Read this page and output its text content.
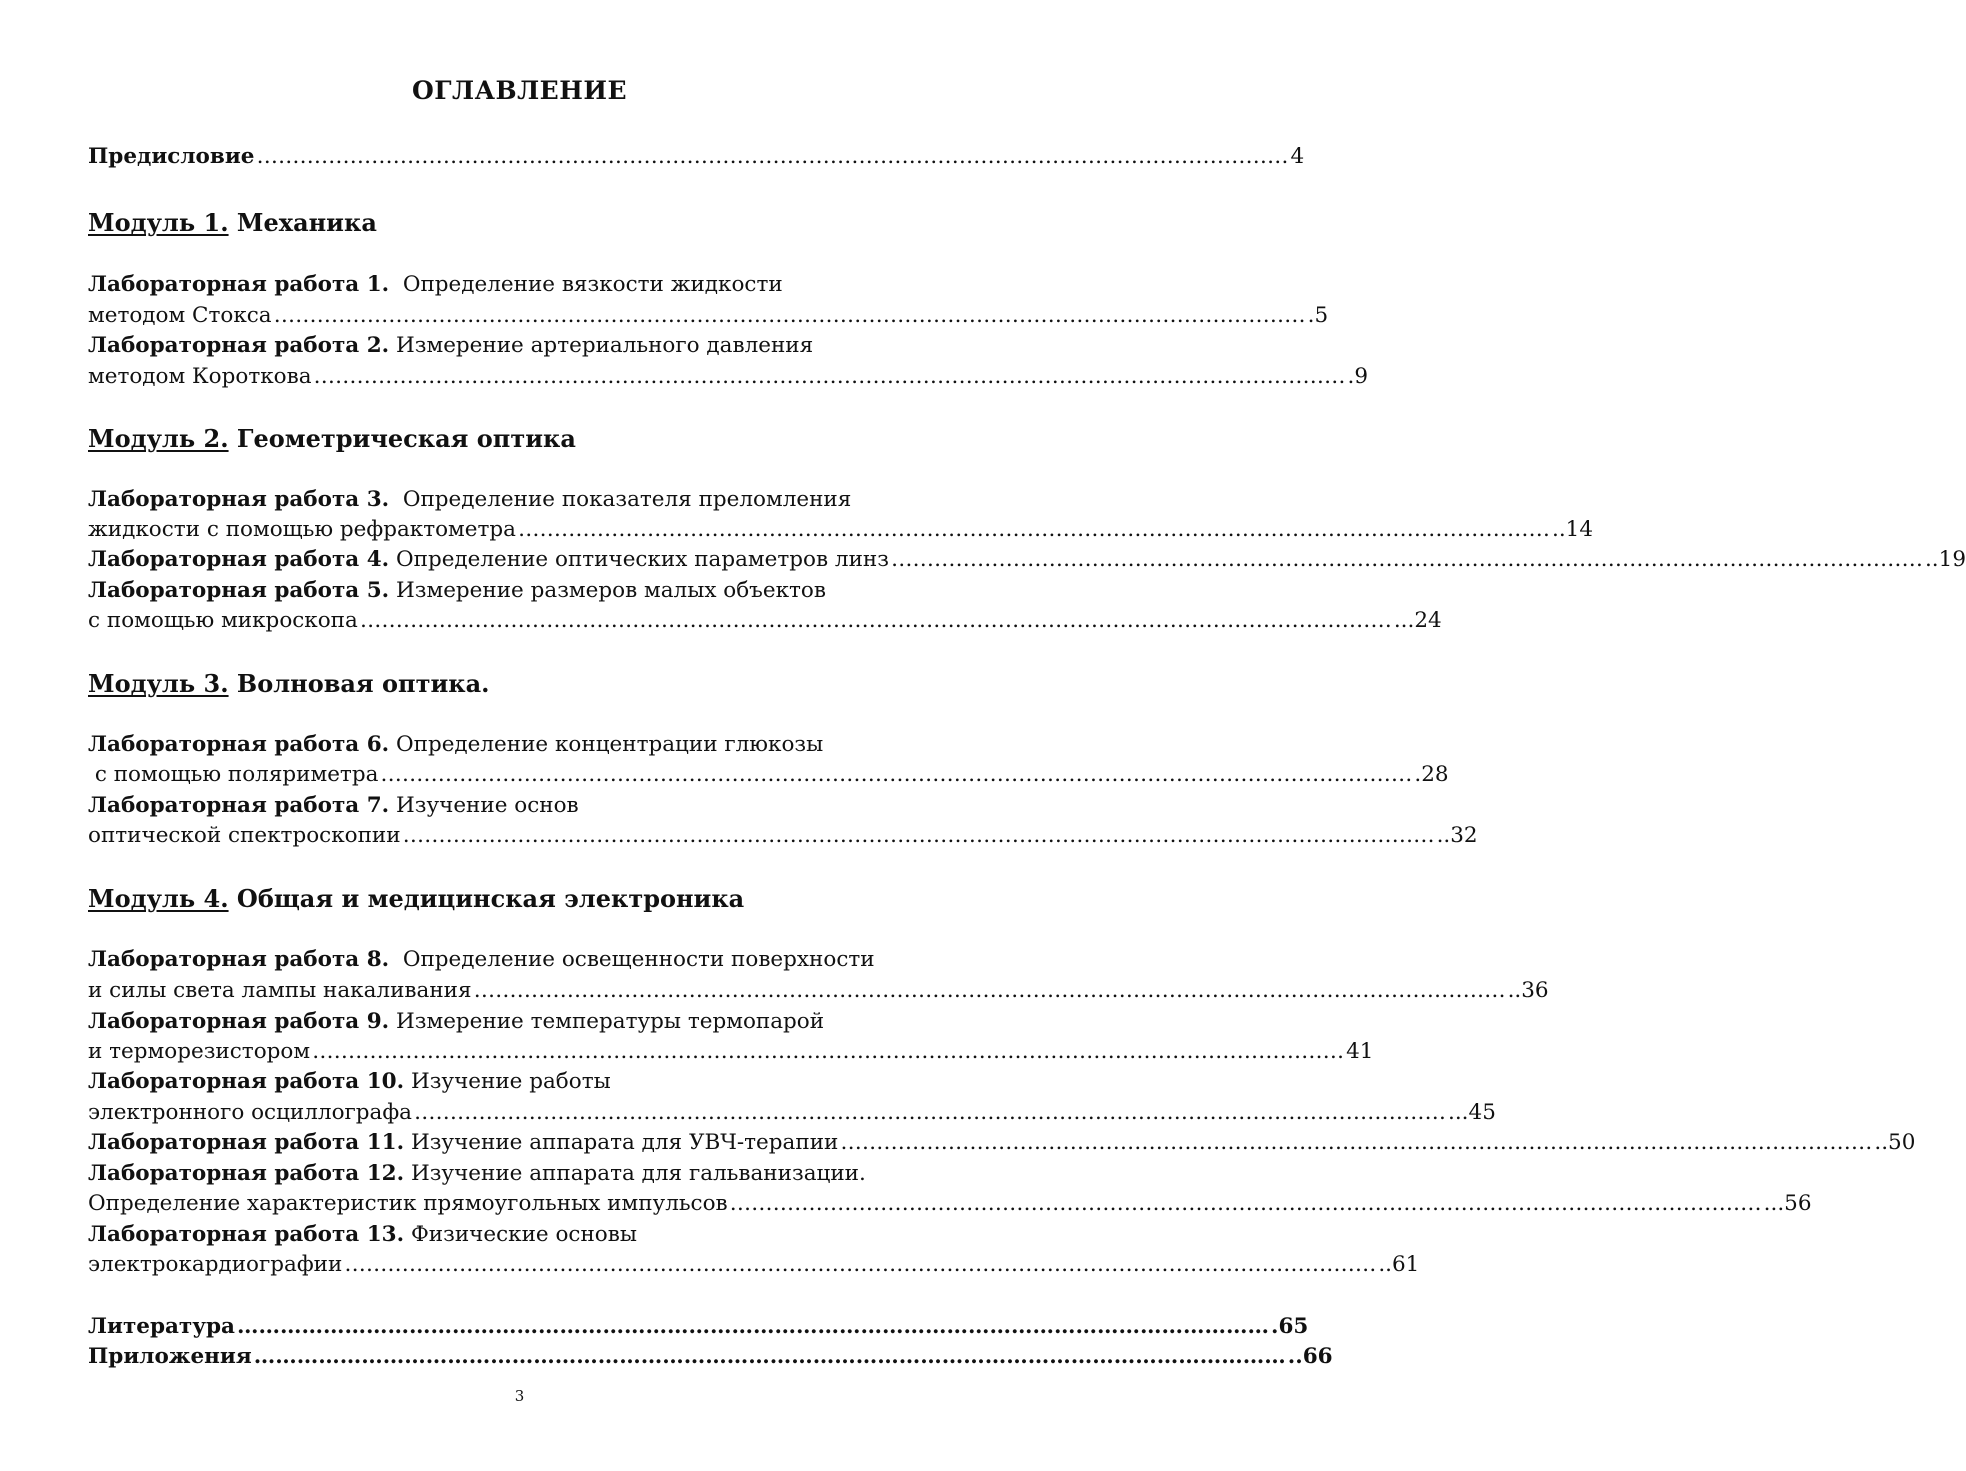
ОГЛАВЛЕНИЕ
Предисловие ……………………………………………………………………………………………………………………………… 4
Модуль 1. Механика
Лабораторная работа 1.  Определение вязкости жидкости
методом Стокса ……………………………………………………………………………………………………………………………… .5
Лабораторная работа 2. Измерение артериального давления
методом Короткова ……………………………………………………………………………………………………………………………… .9
Модуль 2. Геометрическая оптика
Лабораторная работа 3.  Определение показателя преломления
жидкости с помощью рефрактометра ……………………………………………………………………………………………………………………………… ..14
Лабораторная работа 4. Определение оптических параметров линз ……………………………………………………………………………………………………………………………… ..19
Лабораторная работа 5. Измерение размеров малых объектов
с помощью микроскопа ……………………………………………………………………………………………………………………………… ...24
Модуль 3. Волновая оптика.
Лабораторная работа 6. Определение концентрации глюкозы
с помощью поляриметра ……………………………………………………………………………………………………………………………… .28
Лабораторная работа 7. Изучение основ
оптической спектроскопии ……………………………………………………………………………………………………………………………… ..32
Модуль 4. Общая и медицинская электроника
Лабораторная работа 8.  Определение освещенности поверхности
и силы света лампы накаливания ……………………………………………………………………………………………………………………………… ..36
Лабораторная работа 9. Измерение температуры термопарой
и терморезистором ……………………………………………………………………………………………………………………………… 41
Лабораторная работа 10. Изучение работы
электронного осциллографа ……………………………………………………………………………………………………………………………… ...45
Лабораторная работа 11. Изучение аппарата для УВЧ-терапии ……………………………………………………………………………………………………………………………… ..50
Лабораторная работа 12. Изучение аппарата для гальванизации.
Определение характеристик прямоугольных импульсов ……………………………………………………………………………………………………………………………… ...56
Лабораторная работа 13. Физические основы
электрокардиографии ……………………………………………………………………………………………………………………………… ..61
Литература ……………………………………………………………………………………………………………………………… .65
Приложения ……………………………………………………………………………………………………………………………… ..66
3
